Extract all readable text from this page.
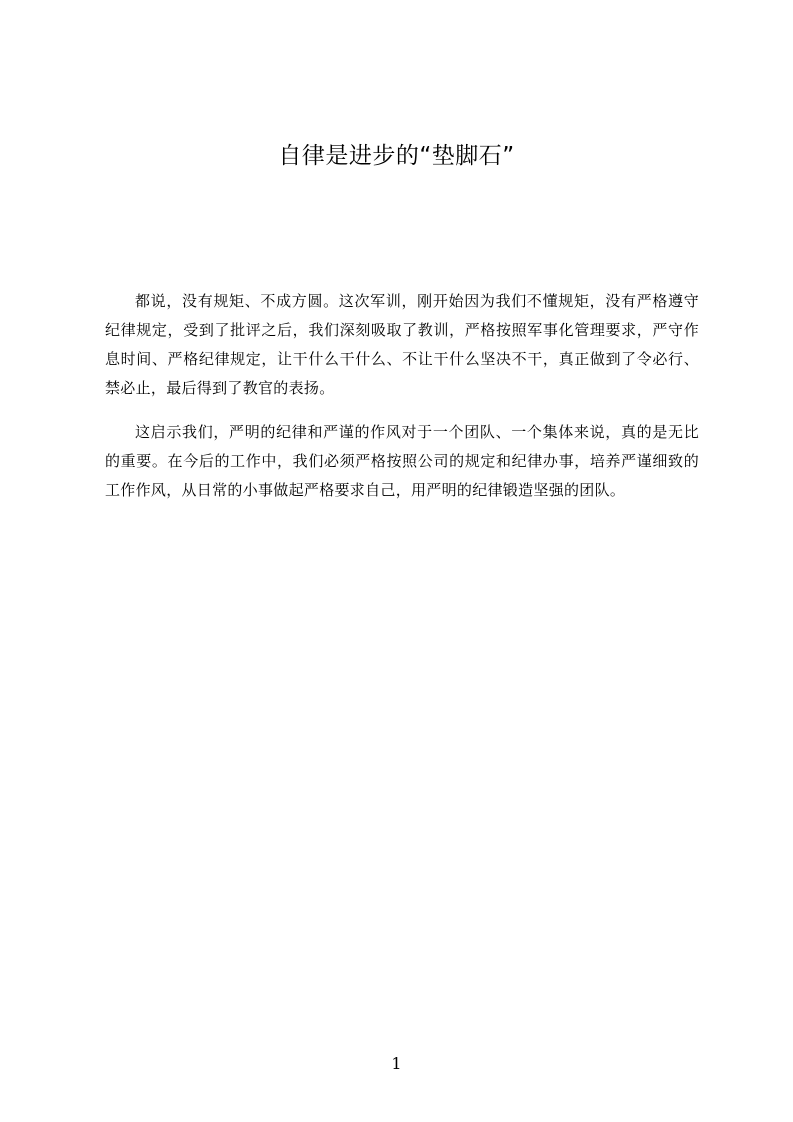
自律是进步的“垫脚石”

都说，没有规矩、不成方圆。这次军训，刚开始因为我们不懂规矩，没有严格遵守纪律规定，受到了批评之后，我们深刻吸取了教训，严格按照军事化管理要求，严守作息时间、严格纪律规定，让干什么干什么、不让干什么坚决不干，真正做到了令必行、禁必止，最后得到了教官的表扬。

这启示我们，严明的纪律和严谨的作风对于一个团队、一个集体来说，真的是无比的重要。在今后的工作中，我们必须严格按照公司的规定和纪律办事，培养严谨细致的工作作风，从日常的小事做起严格要求自己，用严明的纪律锻造坚强的团队。

1
